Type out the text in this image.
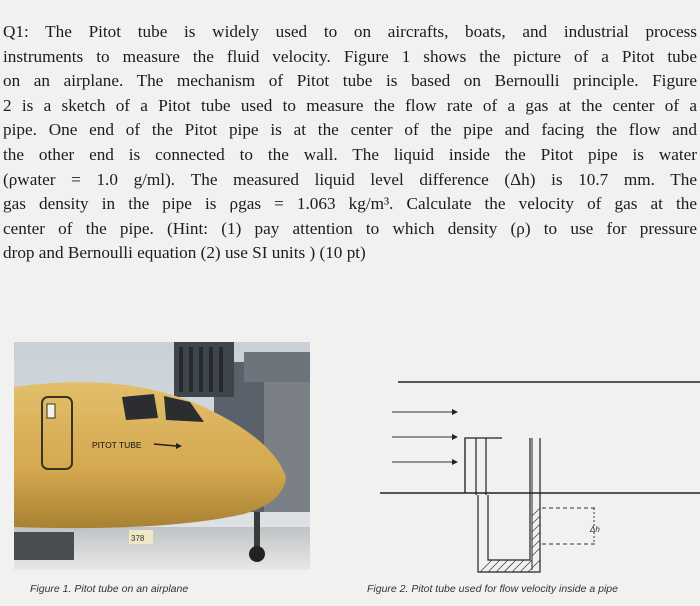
Q1: The Pitot tube is widely used to on aircrafts, boats, and industrial process
instruments to measure the fluid velocity. Figure 1 shows the picture of a Pitot tube
on an airplane. The mechanism of Pitot tube is based on Bernoulli principle. Figure
2 is a sketch of a Pitot tube used to measure the flow rate of a gas at the center of a
pipe. One end of the Pitot pipe is at the center of the pipe and facing the flow and
the other end is connected to the wall. The liquid inside the Pitot pipe is water
(ρwater = 1.0 g/ml). The measured liquid level difference (Δh) is 10.7 mm. The
gas density in the pipe is ρgas = 1.063 kg/m³. Calculate the velocity of gas at the
center of the pipe. (Hint: (1) pay attention to which density (ρ) to use for pressure
drop and Bernoulli equation (2) use SI units ) (10 pt)
PITOT TUBE
378
Figure 1. Pitot tube on an airplane
Δh
Figure 2. Pitot tube used for flow velocity inside a pipe
